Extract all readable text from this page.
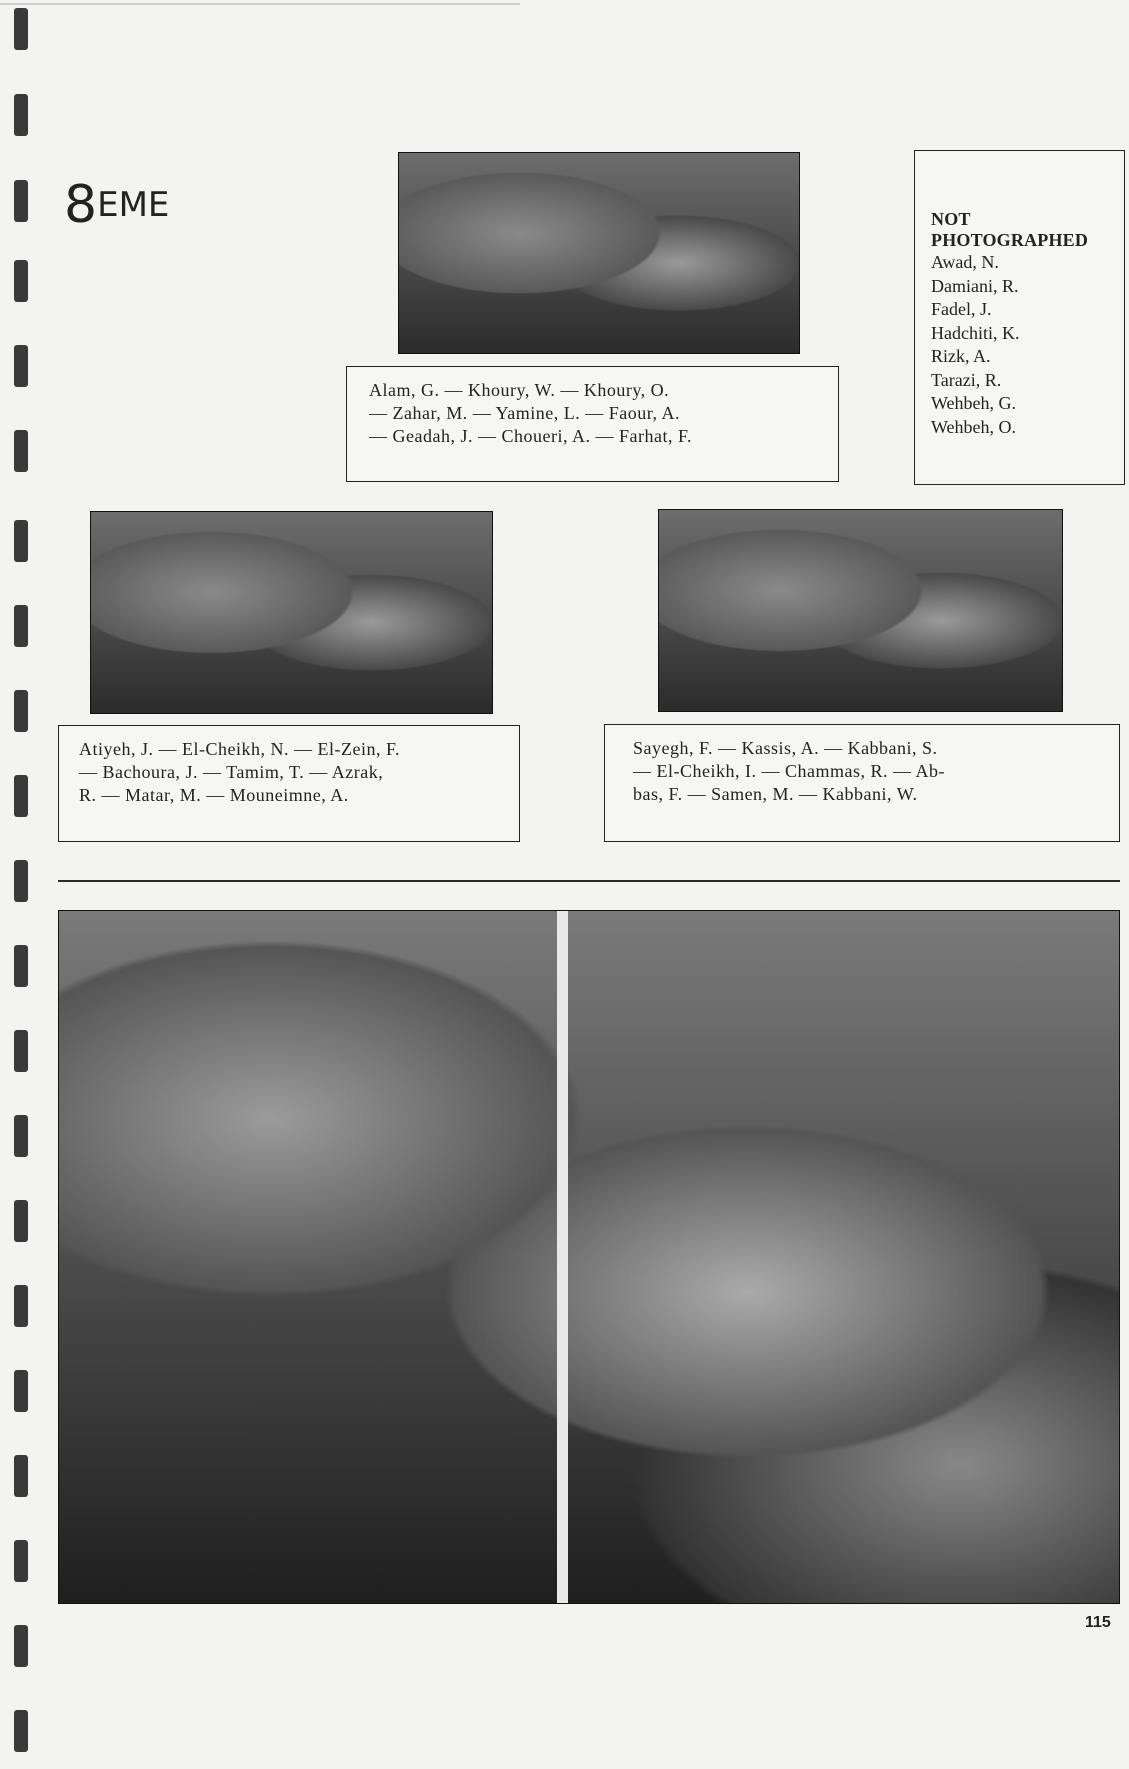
8EME

Alam, G. — Khoury, W. — Khoury, O.

— Zahar, M. — Yamine, L. — Faour, A.

— Geadah, J. — Choueri, A. — Farhat, F.

NOT PHOTOGRAPHED
Awad, N.
Damiani, R.
Fadel, J.
Hadchiti, K.
Rizk, A.
Tarazi, R.
Wehbeh, G.
Wehbeh, O.

Atiyeh, J. — El-Cheikh, N. — El-Zein, F.

— Bachoura, J. — Tamim, T. — Azrak,

R. — Matar, M. — Mouneimne, A.

Sayegh, F. — Kassis, A. — Kabbani, S.

— El-Cheikh, I. — Chammas, R. — Ab-

bas, F. — Samen, M. — Kabbani, W.

115
